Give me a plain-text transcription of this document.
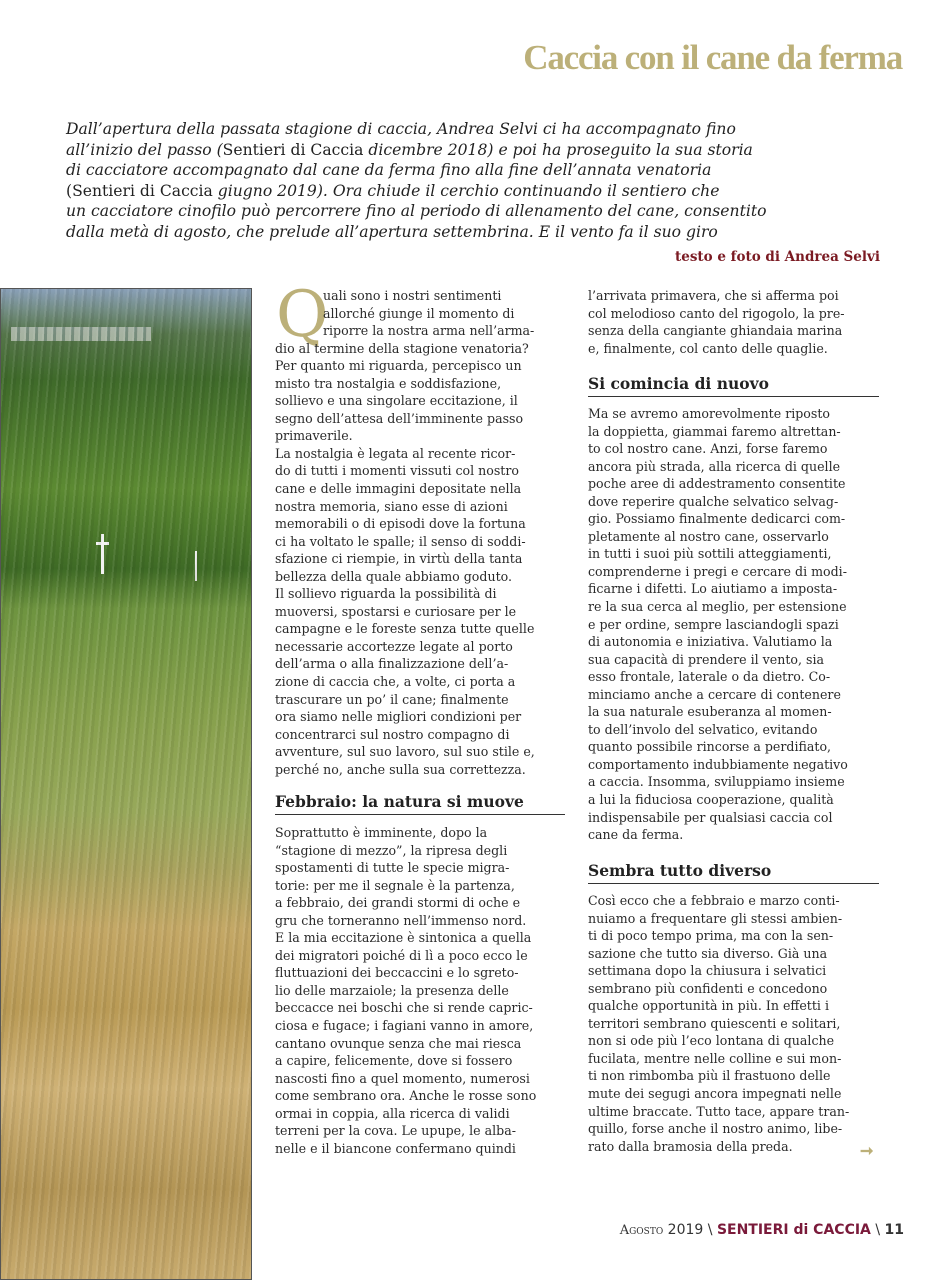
Caccia con il cane da ferma
Dall’apertura della passata stagione di caccia, Andrea Selvi ci ha accompagnato fino
all’inizio del passo (Sentieri di Caccia dicembre 2018) e poi ha proseguito la sua storia
di cacciatore accompagnato dal cane da ferma fino alla fine dell’annata venatoria
(Sentieri di Caccia giugno 2019). Ora chiude il cerchio continuando il sentiero che
un cacciatore cinofilo può percorrere fino al periodo di allenamento del cane, consentito
dalla metà di agosto, che prelude all’apertura settembrina. E il vento fa il suo giro
testo e foto di Andrea Selvi
Q
uali sono i nostri sentimenti
allorché giunge il momento di
riporre la nostra arma nell’arma-
dio al termine della stagione venatoria?
Per quanto mi riguarda, percepisco un
misto tra nostalgia e soddisfazione,
sollievo e una singolare eccitazione, il
segno dell’attesa dell’imminente passo
primaverile.
La nostalgia è legata al recente ricor-
do di tutti i momenti vissuti col nostro
cane e delle immagini depositate nella
nostra memoria, siano esse di azioni
memorabili o di episodi dove la fortuna
ci ha voltato le spalle; il senso di soddi-
sfazione ci riempie, in virtù della tanta
bellezza della quale abbiamo goduto.
Il sollievo riguarda la possibilità di
muoversi, spostarsi e curiosare per le
campagne e le foreste senza tutte quelle
necessarie accortezze legate al porto
dell’arma o alla finalizzazione dell’a-
zione di caccia che, a volte, ci porta a
trascurare un po’ il cane; finalmente
ora siamo nelle migliori condizioni per
concentrarci sul nostro compagno di
avventure, sul suo lavoro, sul suo stile e,
perché no, anche sulla sua correttezza.
Febbraio: la natura si muove
Soprattutto è imminente, dopo la
“stagione di mezzo”, la ripresa degli
spostamenti di tutte le specie migra-
torie: per me il segnale è la partenza,
a febbraio, dei grandi stormi di oche e
gru che torneranno nell’immenso nord.
E la mia eccitazione è sintonica a quella
dei migratori poiché di lì a poco ecco le
fluttuazioni dei beccaccini e lo sgreto-
lio delle marzaiole; la presenza delle
beccacce nei boschi che si rende capric-
ciosa e fugace; i fagiani vanno in amore,
cantano ovunque senza che mai riesca
a capire, felicemente, dove si fossero
nascosti fino a quel momento, numerosi
come sembrano ora. Anche le rosse sono
ormai in coppia, alla ricerca di validi
terreni per la cova. Le upupe, le alba-
nelle e il biancone confermano quindi
l’arrivata primavera, che si afferma poi
col melodioso canto del rigogolo, la pre-
senza della cangiante ghiandaia marina
e, finalmente, col canto delle quaglie.
Si comincia di nuovo
Ma se avremo amorevolmente riposto
la doppietta, giammai faremo altrettan-
to col nostro cane. Anzi, forse faremo
ancora più strada, alla ricerca di quelle
poche aree di addestramento consentite
dove reperire qualche selvatico selvag-
gio. Possiamo finalmente dedicarci com-
pletamente al nostro cane, osservarlo
in tutti i suoi più sottili atteggiamenti,
comprenderne i pregi e cercare di modi-
ficarne i difetti. Lo aiutiamo a imposta-
re la sua cerca al meglio, per estensione
e per ordine, sempre lasciandogli spazi
di autonomia e iniziativa. Valutiamo la
sua capacità di prendere il vento, sia
esso frontale, laterale o da dietro. Co-
minciamo anche a cercare di contenere
la sua naturale esuberanza al momen-
to dell’involo del selvatico, evitando
quanto possibile rincorse a perdifiato,
comportamento indubbiamente negativo
a caccia. Insomma, sviluppiamo insieme
a lui la fiduciosa cooperazione, qualità
indispensabile per qualsiasi caccia col
cane da ferma.
Sembra tutto diverso
Così ecco che a febbraio e marzo conti-
nuiamo a frequentare gli stessi ambien-
ti di poco tempo prima, ma con la sen-
sazione che tutto sia diverso. Già una
settimana dopo la chiusura i selvatici
sembrano più confidenti e concedono
qualche opportunità in più. In effetti i
territori sembrano quiescenti e solitari,
non si ode più l’eco lontana di qualche
fucilata, mentre nelle colline e sui mon-
ti non rimbomba più il frastuono delle
mute dei segugi ancora impegnati nelle
ultime braccate. Tutto tace, appare tran-
quillo, forse anche il nostro animo, libe-
rato dalla bramosia della preda.	➞
Agosto 2019 \ SENTIERI di CACCIA \ 11
